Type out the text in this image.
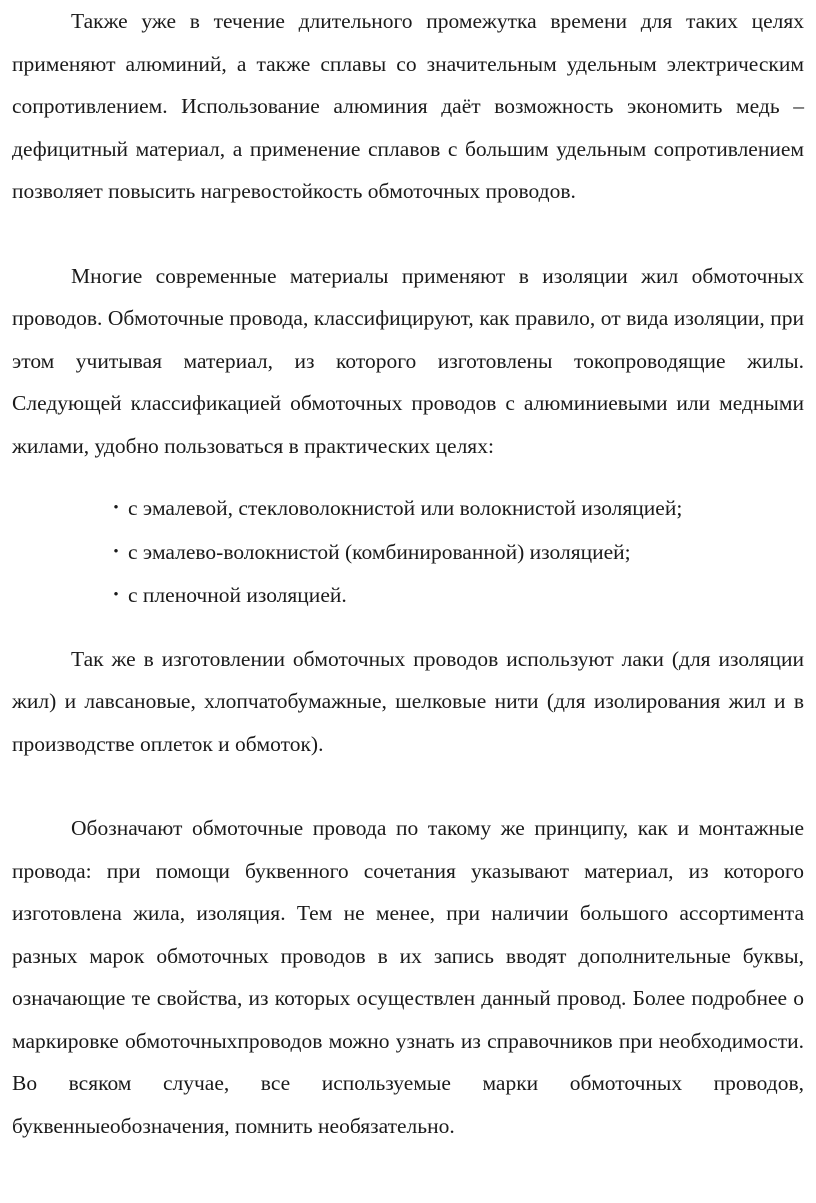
Также уже в течение длительного промежутка времени для таких целях применяют алюминий, а также сплавы со значительным удельным электрическим сопротивлением. Использование алюминия даёт возможность экономить медь – дефицитный материал, а применение сплавов с большим удельным сопротивлением позволяет повысить нагревостойкость обмоточных проводов.

Многие современные материалы применяют в изоляции жил обмоточных проводов. Обмоточные провода, классифицируют, как правило, от вида изоляции, при этом учитывая материал, из которого изготовлены токопроводящие жилы. Следующей классификацией обмоточных проводов с алюминиевыми или медными жилами, удобно пользоваться в практических целях:

• с эмалевой, стекловолокнистой или волокнистой изоляцией;
• с эмалево-волокнистой (комбинированной) изоляцией;
• с пленочной изоляцией.

Так же в изготовлении обмоточных проводов используют лаки (для изоляции жил) и лавсановые, хлопчатобумажные, шелковые нити (для изолирования жил и в производстве оплеток и обмоток).

Обозначают обмоточные провода по такому же принципу, как и монтажные провода: при помощи буквенного сочетания указывают материал, из которого изготовлена жила, изоляция. Тем не менее, при наличии большого ассортимента разных марок обмоточных проводов в их запись вводят дополнительные буквы, означающие те свойства, из которых осуществлен данный провод. Более подробнее о маркировке обмоточныхпроводов можно узнать из справочников при необходимости. Во всяком случае, все используемые марки обмоточных проводов, буквенныеобозначения, помнить необязательно.
